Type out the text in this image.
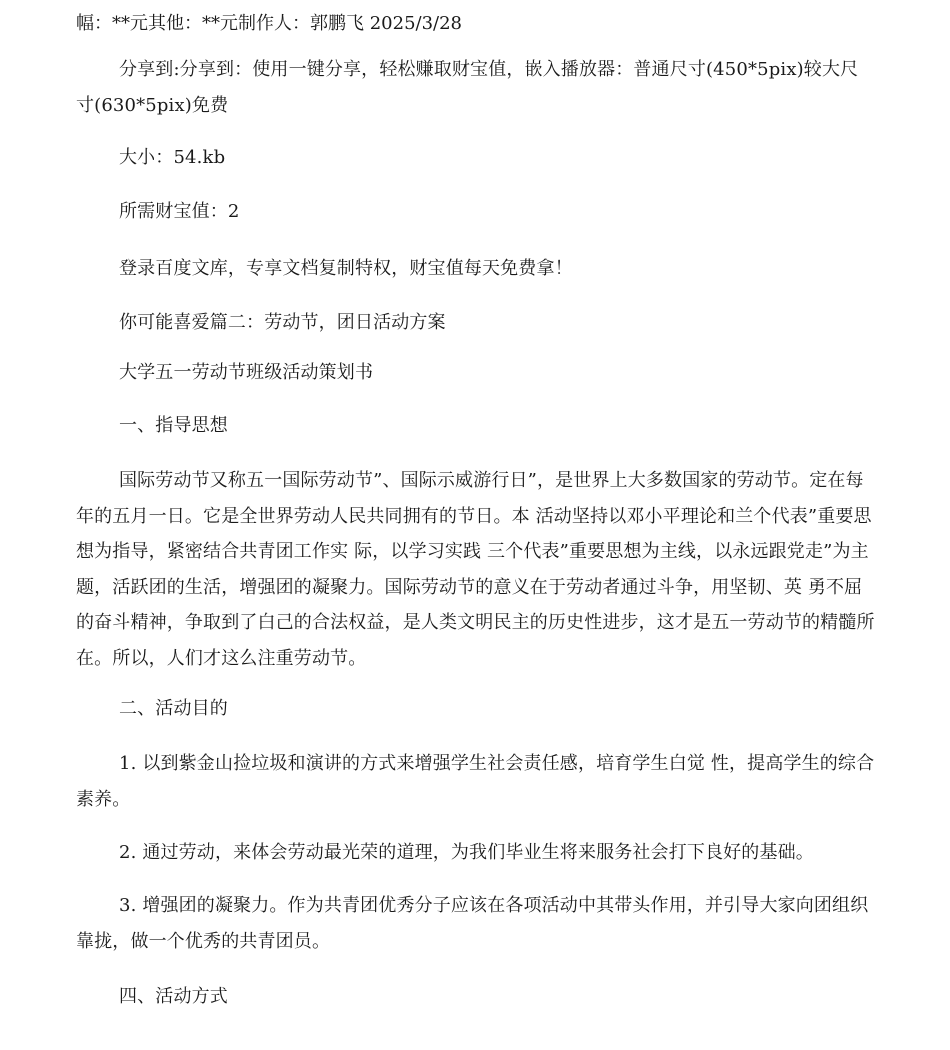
幅：**元其他：**元制作人：郭鹏飞 2025/3/28

分享到:分享到：使用一键分享，轻松赚取财宝值，嵌入播放器：普通尺寸(450*5pix)较大尺寸(630*5pix)免费

大小：54.kb

所需财宝值：2

登录百度文库，专享文档复制特权，财宝值每天免费拿！

你可能喜爱篇二：劳动节，团日活动方案

大学五一劳动节班级活动策划书

一、指导思想

国际劳动节又称五一国际劳动节”、国际示威游行日”，是世界上大多数国家的劳动节。定在每年的五月一日。它是全世界劳动人民共同拥有的节日。本 活动坚持以邓小平理论和兰个代表”重要思想为指导，紧密结合共青团工作实 际，以学习实践 三个代表”重要思想为主线，以永远跟党走”为主题，活跃团的生活，增强团的凝聚力。国际劳动节的意义在于劳动者通过斗争，用坚韧、英 勇不屈的奋斗精神，争取到了白己的合法权益，是人类文明民主的历史性进步，这才是五一劳动节的精髓所在。所以，人们才这么注重劳动节。

二、活动目的

1. 以到紫金山捡垃圾和演讲的方式来增强学生社会责任感，培育学生白觉 性，提高学生的综合素养。

2. 通过劳动，来体会劳动最光荣的道理，为我们毕业生将来服务社会打下良好的基础。

3. 增强团的凝聚力。作为共青团优秀分子应该在各项活动中其带头作用，并引导大家向团组织靠拢，做一个优秀的共青团员。

四、活动方式
